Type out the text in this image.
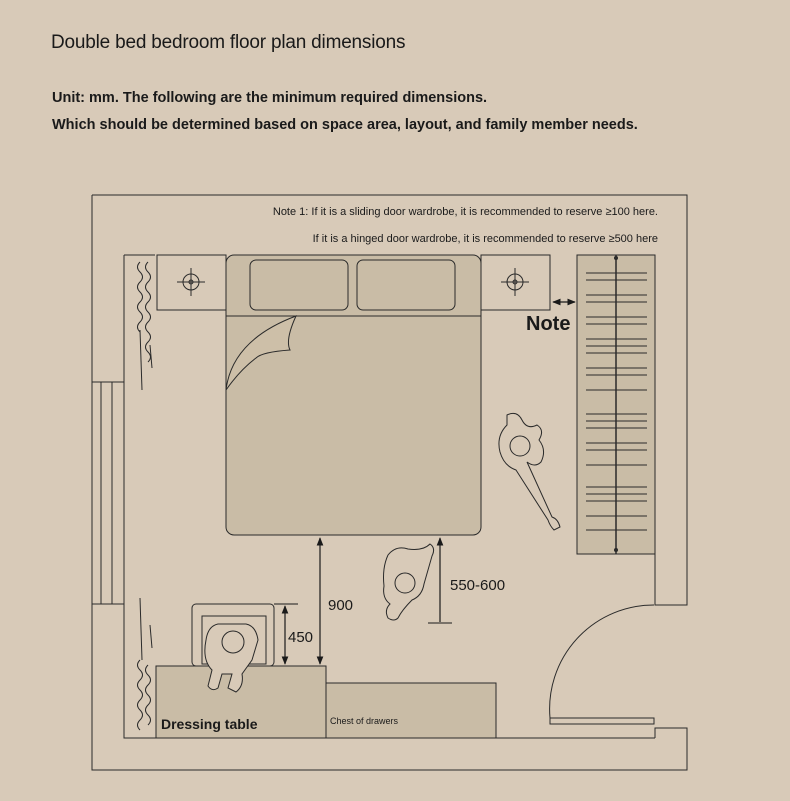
Double bed bedroom floor plan dimensions
Unit: mm. The following are the minimum required dimensions.
Which should be determined based on space area, layout, and family member needs.
Note 1: If it is a sliding door wardrobe, it is recommended to reserve ≥100 here.
If it is a hinged door wardrobe, it is recommended to reserve ≥500 here
Note
900
450
550-600
Dressing table	Chest of drawers
